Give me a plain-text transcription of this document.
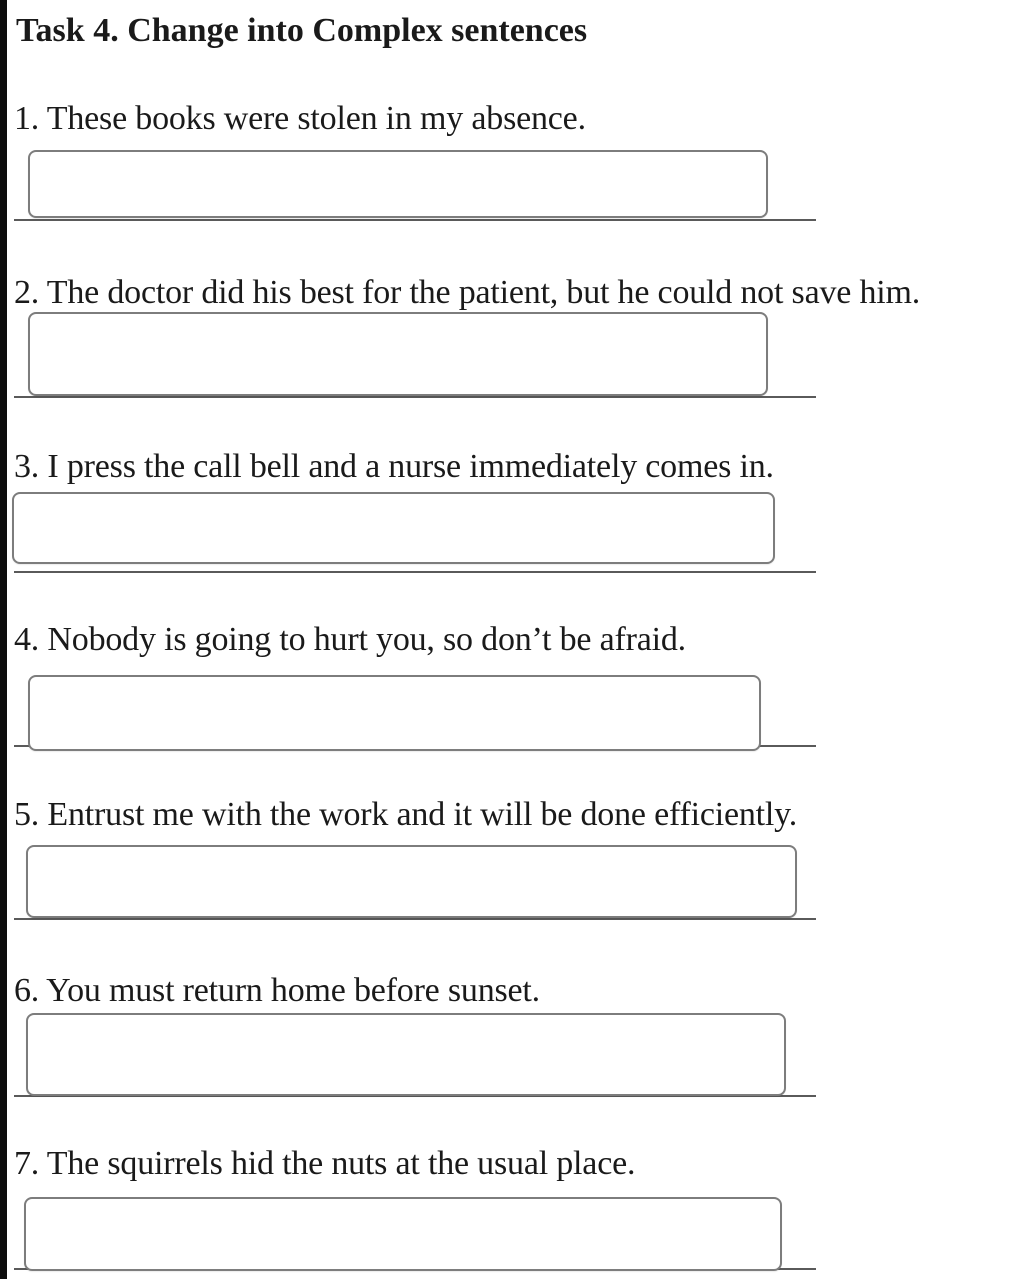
Task 4. Change into Complex sentences
1. These books were stolen in my absence.
2. The doctor did his best for the patient, but he could not save him.
3. I press the call bell and a nurse immediately comes in.
4. Nobody is going to hurt you, so don’t be afraid.
5. Entrust me with the work and it will be done efficiently.
6. You must return home before sunset.
7. The squirrels hid the nuts at the usual place.
